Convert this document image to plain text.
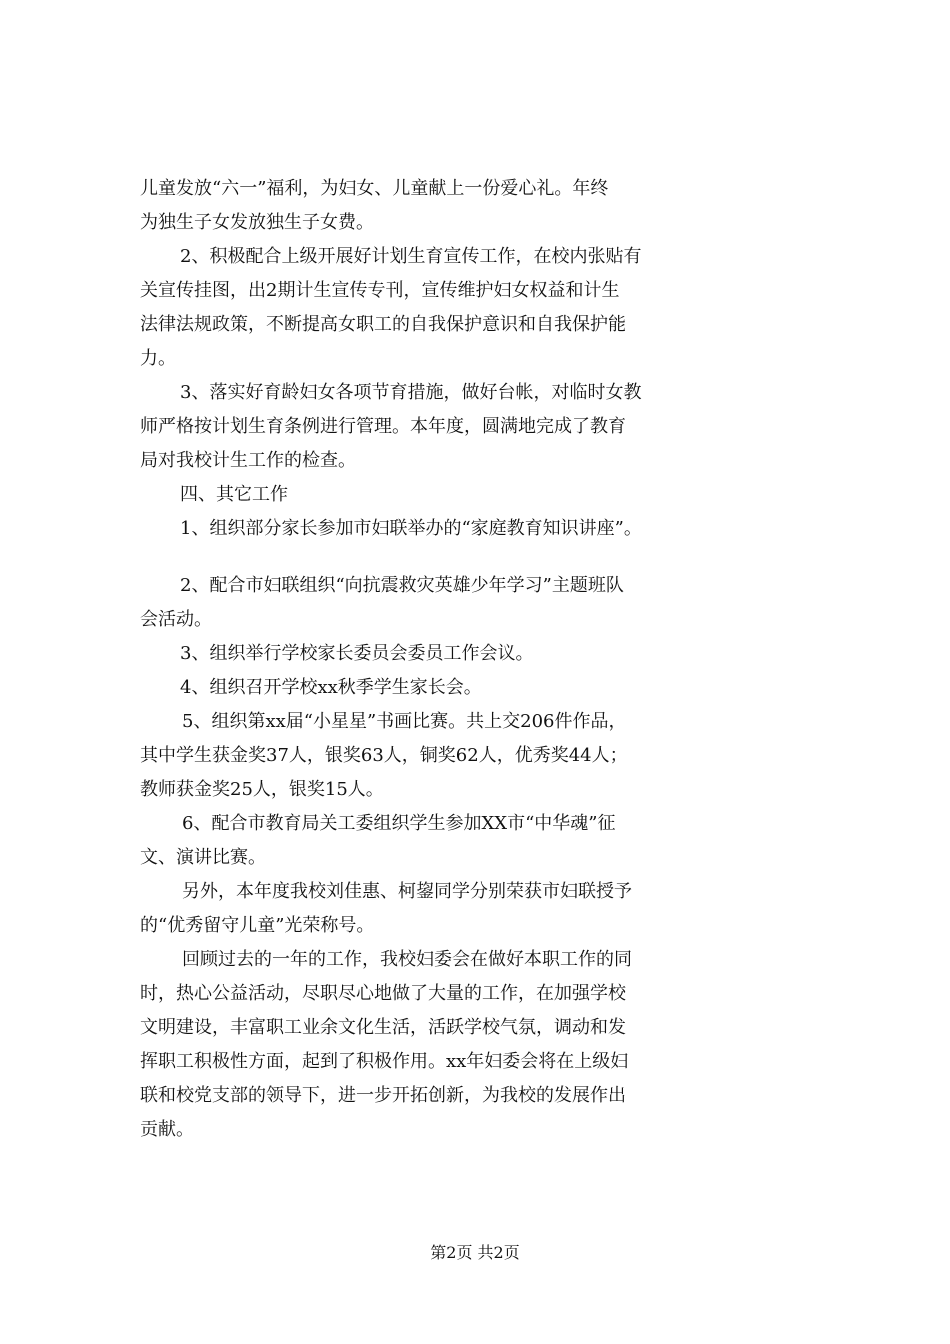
儿童发放“六一”福利，为妇女、儿童献上一份爱心礼。年终
为独生子女发放独生子女费。
2、积极配合上级开展好计划生育宣传工作，在校内张贴有
关宣传挂图，出2期计生宣传专刊，宣传维护妇女权益和计生
法律法规政策，不断提高女职工的自我保护意识和自我保护能
力。
3、落实好育龄妇女各项节育措施，做好台帐，对临时女教
师严格按计划生育条例进行管理。本年度，圆满地完成了教育
局对我校计生工作的检查。
四、其它工作
1、组织部分家长参加市妇联举办的“家庭教育知识讲座”。
2、配合市妇联组织“向抗震救灾英雄少年学习”主题班队
会活动。
3、组织举行学校家长委员会委员工作会议。
4、组织召开学校xx秋季学生家长会。
5、组织第xx届“小星星”书画比赛。共上交206件作品，
其中学生获金奖37人，银奖63人，铜奖62人，优秀奖44人；
教师获金奖25人，银奖15人。
6、配合市教育局关工委组织学生参加XX市“中华魂”征
文、演讲比赛。
另外，本年度我校刘佳惠、柯鋆同学分别荣获市妇联授予
的“优秀留守儿童”光荣称号。
回顾过去的一年的工作，我校妇委会在做好本职工作的同
时，热心公益活动，尽职尽心地做了大量的工作，在加强学校
文明建设，丰富职工业余文化生活，活跃学校气氛，调动和发
挥职工积极性方面，起到了积极作用。xx年妇委会将在上级妇
联和校党支部的领导下，进一步开拓创新，为我校的发展作出
贡献。
第2页 共2页
